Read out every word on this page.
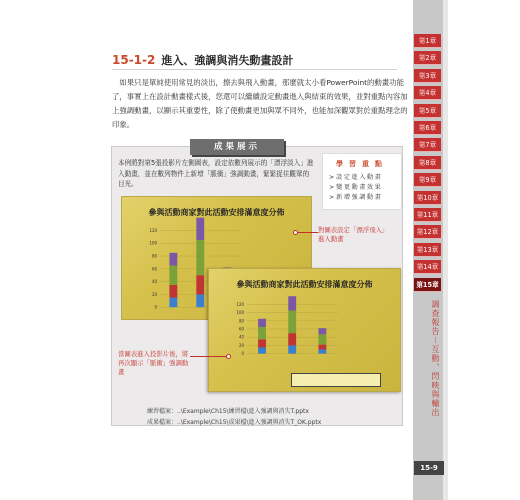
15-1-2 進入、強調與消失動畫設計

如果只是單純使用常見的淡出，擦去與飛入動畫，那麼就太小看PowerPoint的動畫功能了，事實上在設計動畫樣式後，您還可以繼續設定動畫進入與結束的效果，並對重點內容加上強調動畫，以顯示其重要性，除了使動畫更加與眾不同外，也能加深觀眾對於重點理念的印象。

成果展示

本例將對第5張投影片左側圖表，設定依數列展示的「漂浮淡入」進入動畫，並在數列物件上新增「脈衝」強調動畫，緊緊捉住觀眾的目光。

學習重點
> 設定進入動畫
> 變更動畫效果
> 新增強調動畫
參與活動商家對此活動安排滿意度分佈
0
20
40
60
80
100
120
參與活動商家對此活動安排滿意度分佈
0
20
40
60
80
100
120

對圖表設定「漂浮飛入」進入動畫

當圖表進入投影片後，將再次顯示「脈衝」強調動畫

練習檔案：..\Example\Ch15\練習檔\進入強調與消失T.pptx
成果檔案：..\Example\Ch15\成果檔\進入強調與消失T_OK.pptx
第1章
第2章
第3章
第4章
第5章
第6章
第7章
第8章
第9章
第10章
第11章
第12章
第13章
第14章
第15章
調查報告－互動、閃映與輸出
15-9
